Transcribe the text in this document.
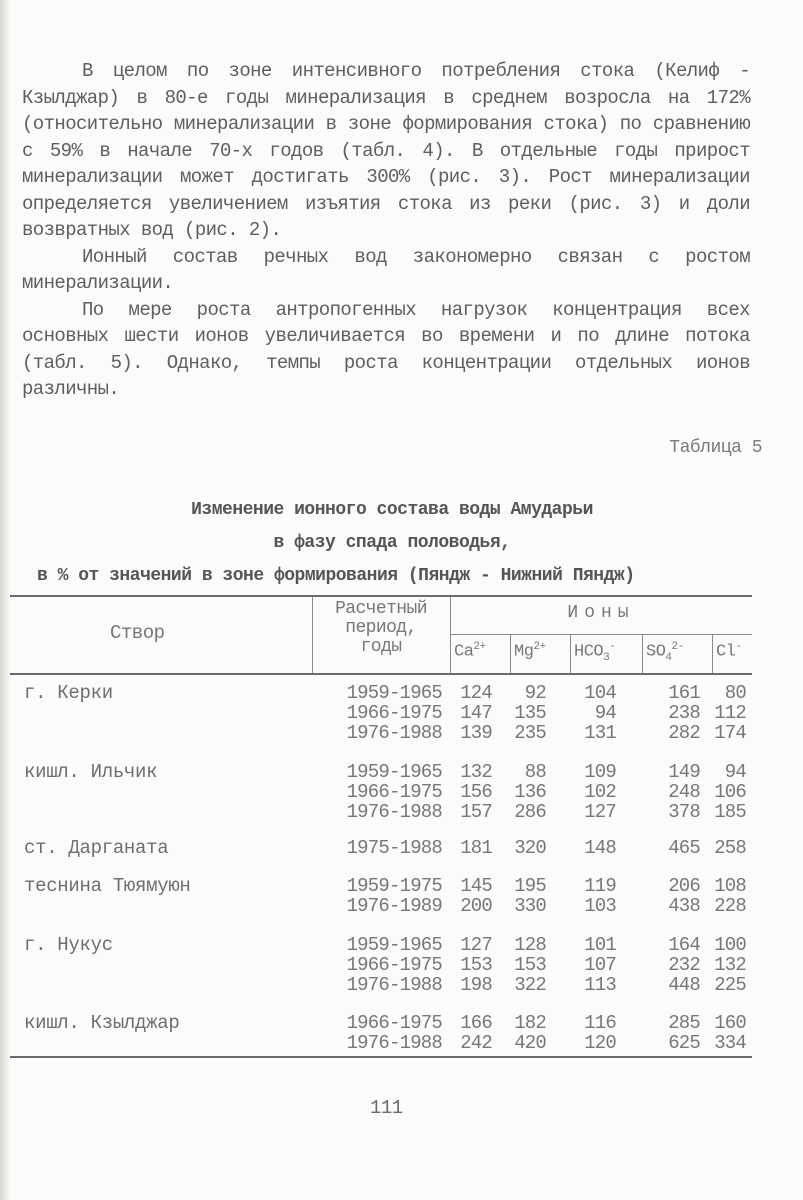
В целом по зоне интенсивного потребления стока (Келиф - Кзылджар) в 80-е годы минерализация в среднем возросла на 172% (относительно минерализации в зоне формирования стока) по сравнению с 59% в начале 70-х годов (табл. 4). В отдельные годы прирост минерализации может достигать 300% (рис. 3). Рост минерализации определяется увеличением изъятия стока из реки (рис. 3) и доли возвратных вод (рис. 2).

Ионный состав речных вод закономерно связан с ростом минерализации.

По мере роста антропогенных нагрузок концентрация всех основных шести ионов увеличивается во времени и по длине потока (табл. 5). Однако, темпы роста концентрации отдельных ионов различны.

Таблица 5
Изменение ионного состава воды Амударьи
в фазу спада половодья,
в % от значений в зоне формирования (Пяндж - Нижний Пяндж)
Створ
Расчетный
период,
годы
Ионы
$Ca^{2+}$ $Mg^{2+}$ $HCO_3^-$ $SO_4^{2-}$ Cl-
г. Керки	1959-1965 124	92	104	161	80
1966-1975 147	135	94	238 112
1976-1988 139	235	131	282 174
кишл. Ильчик	1959-1965 132	88	109	149	94
1966-1975 156	136	102	248 106
1976-1988 157	286	127	378 185
ст. Дарганата	1975-1988 181	320	148	465 258
теснина Тюямуюн	1959-1975 145	195	119	206 108
1976-1989 200	330	103	438 228
г. Нукус	1959-1965 127	128	101	164 100
1966-1975 153	153	107	232 132
1976-1988 198	322	113	448 225
кишл. Кзылджар	1966-1975 166	182	116	285 160
1976-1988 242	420	120	625 334
111
